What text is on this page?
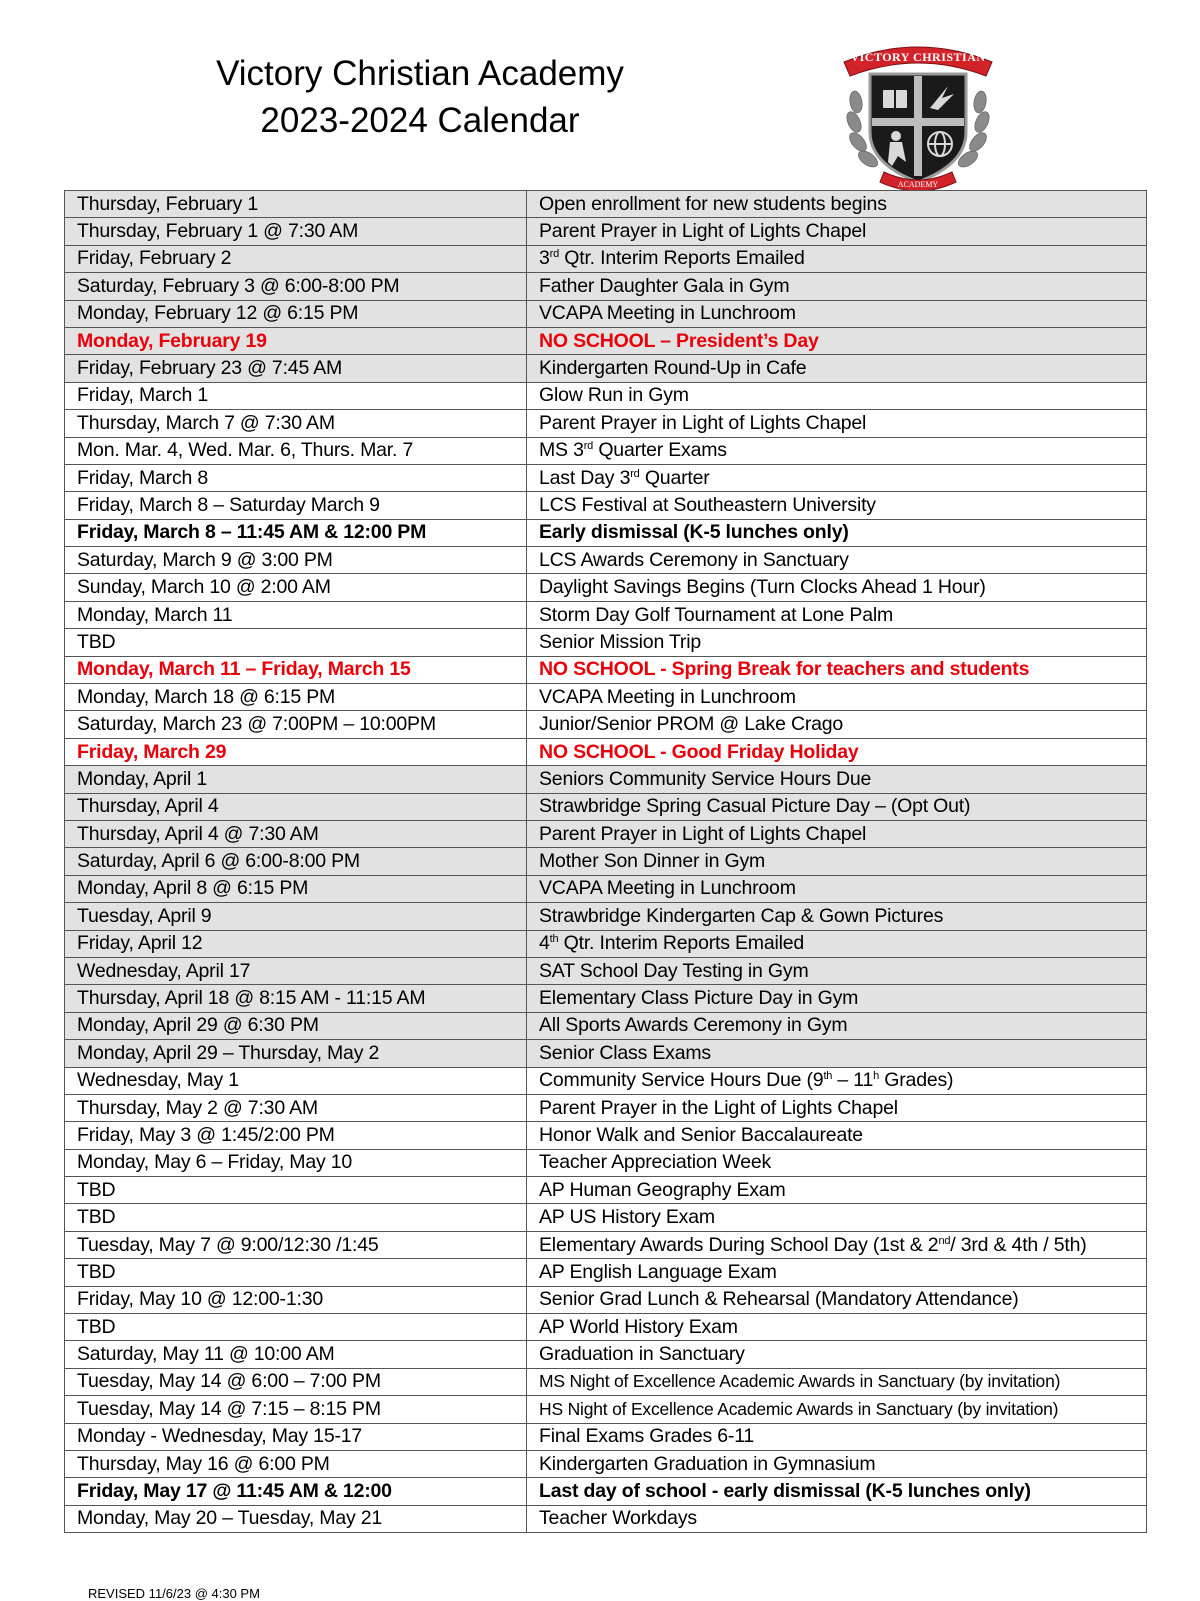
Victory Christian Academy
2023-2024 Calendar
VICTORY CHRISTIAN
ACADEMY
Thursday, February 1	Open enrollment for new students begins
Thursday, February 1 @ 7:30 AM	Parent Prayer in Light of Lights Chapel
Friday, February 2	3rd Qtr. Interim Reports Emailed
Saturday, February 3 @ 6:00-8:00 PM	Father Daughter Gala in Gym
Monday, February 12 @ 6:15 PM	VCAPA Meeting in Lunchroom
Monday, February 19	NO SCHOOL – President’s Day
Friday, February 23 @ 7:45 AM	Kindergarten Round-Up in Cafe
Friday, March 1	Glow Run in Gym
Thursday, March 7 @ 7:30 AM	Parent Prayer in Light of Lights Chapel
Mon. Mar. 4, Wed. Mar. 6, Thurs. Mar. 7	MS 3rd Quarter Exams
Friday, March 8	Last Day 3rd Quarter
Friday, March 8 – Saturday March 9	LCS Festival at Southeastern University
Friday, March 8 – 11:45 AM & 12:00 PM	Early dismissal (K-5 lunches only)
Saturday, March 9 @ 3:00 PM	LCS Awards Ceremony in Sanctuary
Sunday, March 10 @ 2:00 AM	Daylight Savings Begins (Turn Clocks Ahead 1 Hour)
Monday, March 11	Storm Day Golf Tournament at Lone Palm
TBD	Senior Mission Trip
Monday, March 11 – Friday, March 15	NO SCHOOL - Spring Break for teachers and students
Monday, March 18 @ 6:15 PM	VCAPA Meeting in Lunchroom
Saturday, March 23 @ 7:00PM – 10:00PM	Junior/Senior PROM @ Lake Crago
Friday, March 29	NO SCHOOL - Good Friday Holiday
Monday, April 1	Seniors Community Service Hours Due
Thursday, April 4	Strawbridge Spring Casual Picture Day – (Opt Out)
Thursday, April 4 @ 7:30 AM	Parent Prayer in Light of Lights Chapel
Saturday, April 6 @ 6:00-8:00 PM	Mother Son Dinner in Gym
Monday, April 8 @ 6:15 PM	VCAPA Meeting in Lunchroom
Tuesday, April 9	Strawbridge Kindergarten Cap & Gown Pictures
Friday, April 12	4th Qtr. Interim Reports Emailed
Wednesday, April 17	SAT School Day Testing in Gym
Thursday, April 18 @ 8:15 AM - 11:15 AM	Elementary Class Picture Day in Gym
Monday, April 29 @ 6:30 PM	All Sports Awards Ceremony in Gym
Monday, April 29 – Thursday, May 2	Senior Class Exams
Wednesday, May 1	Community Service Hours Due (9th – 11$^h$ Grades)
Thursday, May 2 @ 7:30 AM	Parent Prayer in the Light of Lights Chapel
Friday, May 3 @ 1:45/2:00 PM	Honor Walk and Senior Baccalaureate
Monday, May 6 – Friday, May 10	Teacher Appreciation Week
TBD	AP Human Geography Exam
TBD	AP US History Exam
Tuesday, May 7 @ 9:00/12:30 /1:45	Elementary Awards During School Day (1st & 2nd/ 3rd & 4th / 5th)
TBD	AP English Language Exam
Friday, May 10 @ 12:00-1:30	Senior Grad Lunch & Rehearsal (Mandatory Attendance)
TBD	AP World History Exam
Saturday, May 11 @ 10:00 AM	Graduation in Sanctuary
Tuesday, May 14 @ 6:00 – 7:00 PM	MS Night of Excellence Academic Awards in Sanctuary (by invitation)
Tuesday, May 14 @ 7:15 – 8:15 PM	HS Night of Excellence Academic Awards in Sanctuary (by invitation)
Monday - Wednesday, May 15-17	Final Exams Grades 6-11
Thursday, May 16 @ 6:00 PM	Kindergarten Graduation in Gymnasium
Friday, May 17 @ 11:45 AM & 12:00	Last day of school - early dismissal (K-5 lunches only)
Monday, May 20 – Tuesday, May 21	Teacher Workdays
REVISED 11/6/23 @ 4:30 PM
